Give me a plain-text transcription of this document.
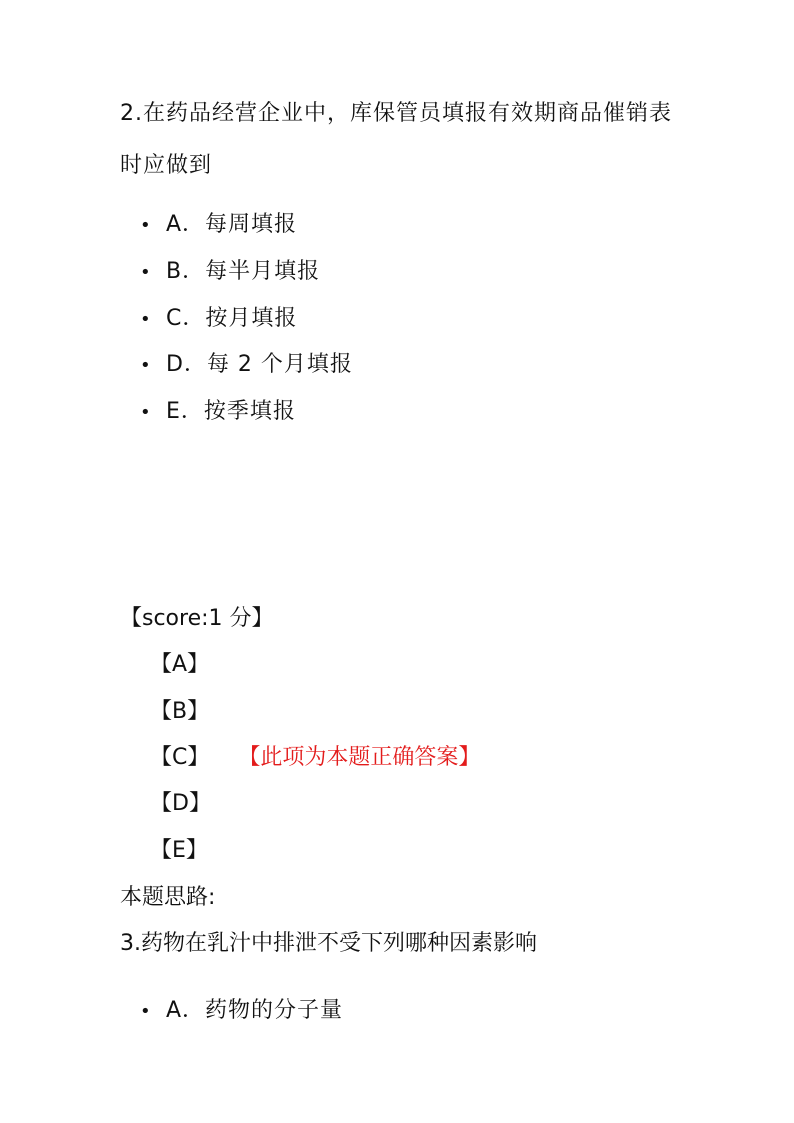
2.在药品经营企业中，库保管员填报有效期商品催销表时应做到
• A．每周填报
• B．每半月填报
• C．按月填报
• D．每 2 个月填报
• E．按季填报
【score:1 分】
【A】
【B】
【C】 【此项为本题正确答案】
【D】
【E】
本题思路:
3.药物在乳汁中排泄不受下列哪种因素影响
• A．药物的分子量
